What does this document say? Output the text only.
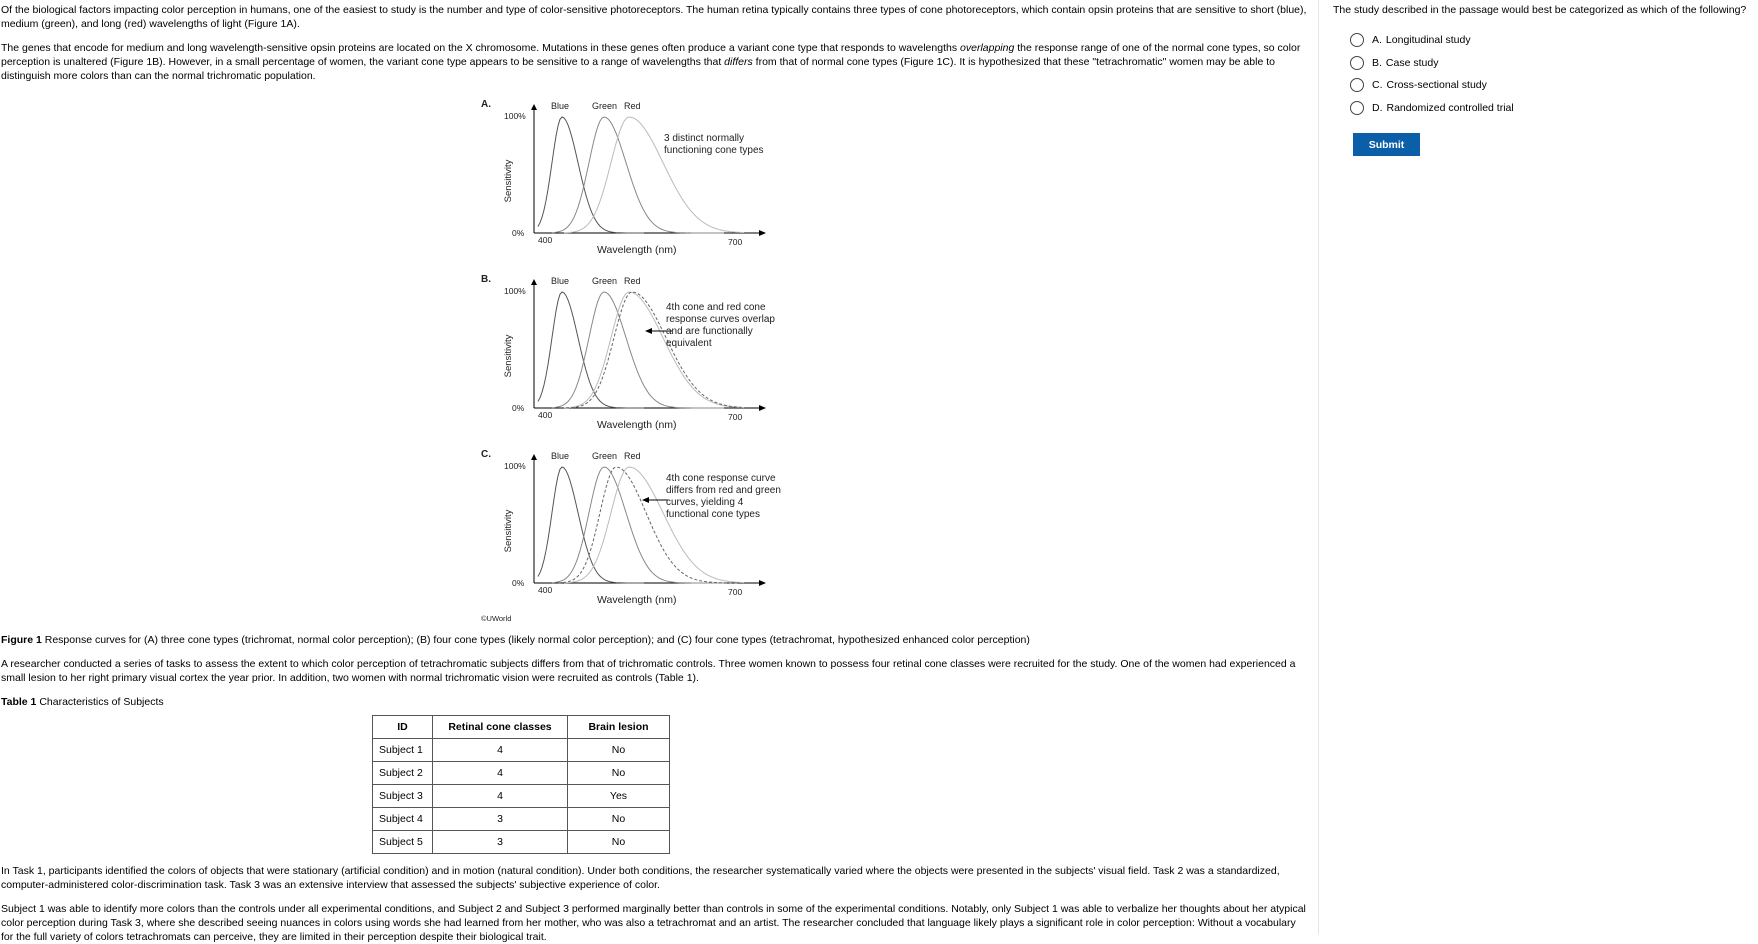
Of the biological factors impacting color perception in humans, one of the easiest to study is the number and type of color-sensitive photoreceptors. The human retina typically contains three types of cone photoreceptors, which contain opsin proteins that are sensitive to short (blue), medium (green), and long (red) wavelengths of light (Figure 1A).

The genes that encode for medium and long wavelength-sensitive opsin proteins are located on the X chromosome. Mutations in these genes often produce a variant cone type that responds to wavelengths overlapping the response range of one of the normal cone types, so color perception is unaltered (Figure 1B). However, in a small percentage of women, the variant cone type appears to be sensitive to a range of wavelengths that differs from that of normal cone types (Figure 1C). It is hypothesized that these "tetrachromatic" women may be able to distinguish more colors than can the normal trichromatic population.

A.
100%
0%
Sensitivity
400	700
Wavelength (nm)
Blue	Green Red
3 distinct normally
functioning cone types
B.
100%
0%
Sensitivity
400	700
Wavelength (nm)
Blue	Green Red
4th cone and red cone
response curves overlap
and are functionally
equivalent
C.
100%
0%
Sensitivity
400	700
Wavelength (nm)
Blue	Green Red
4th cone response curve
differs from red and green
curves, yielding 4
functional cone types
©UWorld

Figure 1 Response curves for (A) three cone types (trichromat, normal color perception); (B) four cone types (likely normal color perception); and (C) four cone types (tetrachromat, hypothesized enhanced color perception)

A researcher conducted a series of tasks to assess the extent to which color perception of tetrachromatic subjects differs from that of trichromatic controls. Three women known to possess four retinal cone classes were recruited for the study. One of the women had experienced a small lesion to her right primary visual cortex the year prior. In addition, two women with normal trichromatic vision were recruited as controls (Table 1).

Table 1 Characteristics of Subjects

ID	Retinal cone classes	Brain lesion
Subject 1	4	No
Subject 2	4	No
Subject 3	4	Yes
Subject 4	3	No
Subject 5	3	No

In Task 1, participants identified the colors of objects that were stationary (artificial condition) and in motion (natural condition). Under both conditions, the researcher systematically varied where the objects were presented in the subjects' visual field. Task 2 was a standardized, computer-administered color-discrimination task. Task 3 was an extensive interview that assessed the subjects' subjective experience of color.

Subject 1 was able to identify more colors than the controls under all experimental conditions, and Subject 2 and Subject 3 performed marginally better than controls in some of the experimental conditions. Notably, only Subject 1 was able to verbalize her thoughts about her atypical color perception during Task 3, where she described seeing nuances in colors using words she had learned from her mother, who was also a tetrachromat and an artist. The researcher concluded that language likely plays a significant role in color perception: Without a vocabulary for the full variety of colors tetrachromats can perceive, they are limited in their perception despite their biological trait.

The study described in the passage would best be categorized as which of the following?

A. Longitudinal study
B. Case study
C. Cross-sectional study
D. Randomized controlled trial
Submit
